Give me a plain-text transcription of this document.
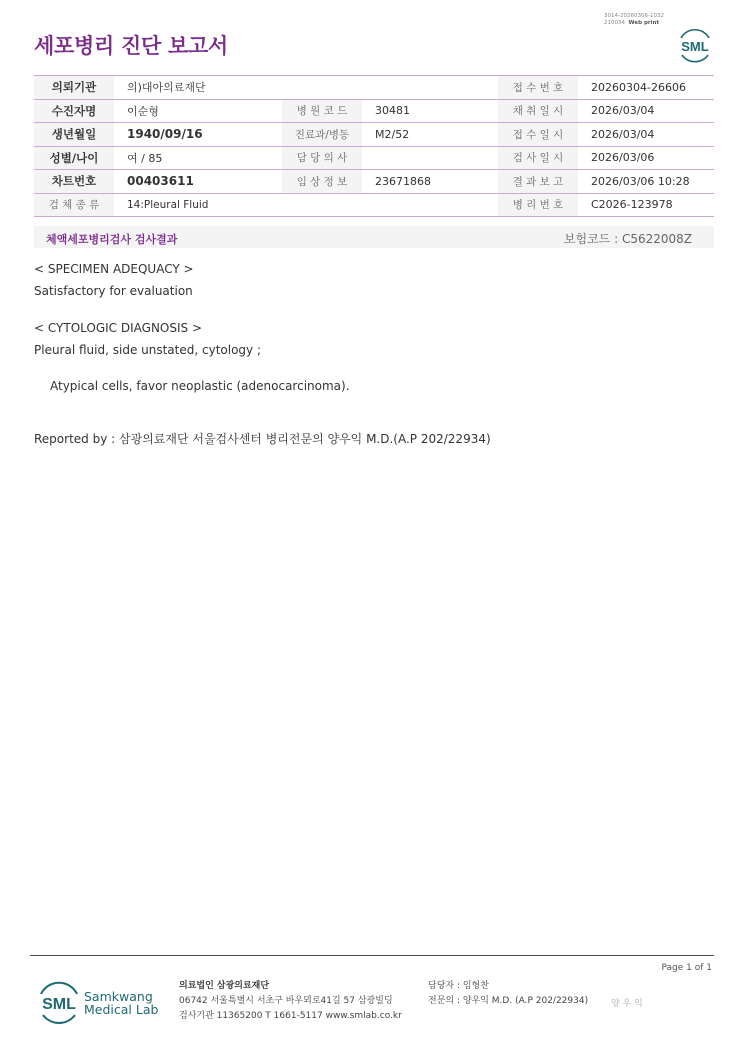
3014-20260306-1032
210034 Web print
세포병리 진단 보고서	SML
의뢰기관	의)대아의료재단			접 수 번 호	20260304-26606
수진자명	이순형	병 원 코 드	30481	채 취 일 시	2026/03/04
생년월일	1940/09/16	진료과/병동	M2/52	접 수 일 시	2026/03/04
성별/나이	여 / 85	담 당 의 사		검 사 일 시	2026/03/06
차트번호	00403611	임 상 정 보	23671868	결 과 보 고	2026/03/06 10:28
검 체 종 류	14:Pleural Fluid			병 리 번 호	C2026-123978
체액세포병리검사 검사결과	보험코드 : C5622008Z
< SPECIMEN ADEQUACY >
Satisfactory for evaluation
< CYTOLOGIC DIAGNOSIS >
Pleural fluid, side unstated, cytology ;
Atypical cells, favor neoplastic (adenocarcinoma).
Reported by : 삼광의료재단 서울검사센터 병리전문의 양우익 M.D.(A.P 202/22934)
Page 1 of 1
SML Samkwang
Medical Lab
의료법인 삼광의료재단
06742 서울특별시 서초구 바우뫼로41길 57 삼광빌딩
검사기관 11365200 T 1661-5117 www.smlab.co.kr
담당자 : 임형찬
전문의 : 양우익 M.D. (A.P 202/22934)	양 우 익
